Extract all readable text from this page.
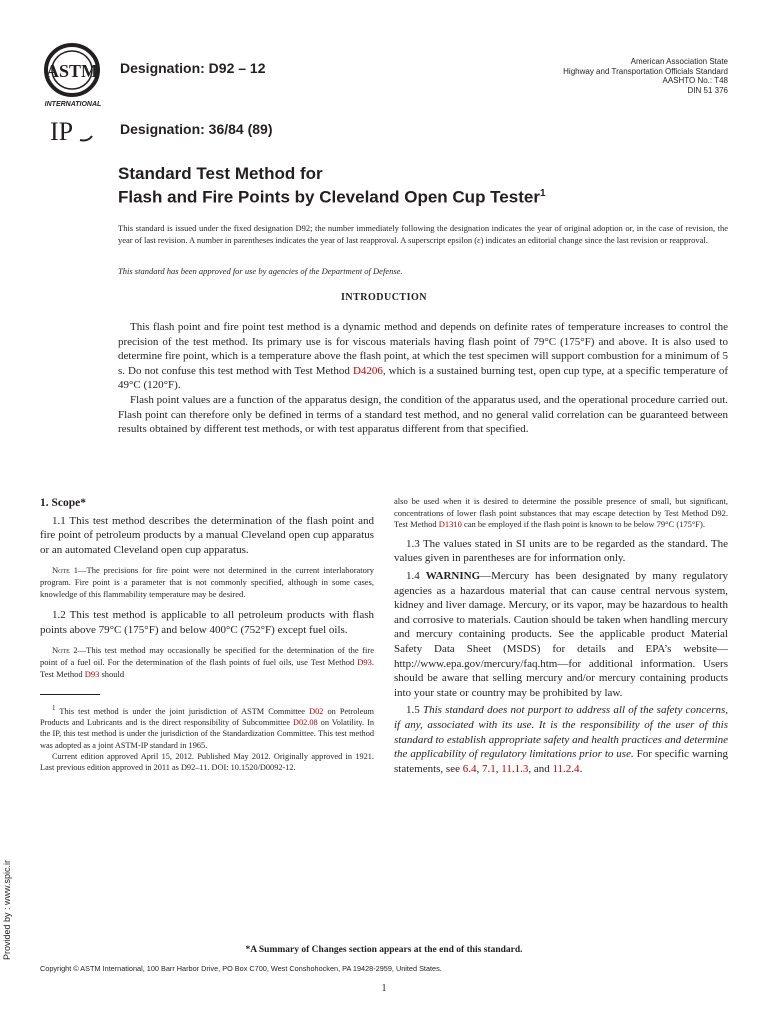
ASTM
INTERNATIONAL
IP
Designation: D92 – 12
Designation: 36/84 (89)
American Association State
Highway and Transportation Officials Standard
AASHTO No.: T48
DIN 51 376
Standard Test Method for
Flash and Fire Points by Cleveland Open Cup Tester$^1$
This standard is issued under the fixed designation D92; the number immediately following the designation indicates the year of original adoption or, in the case of revision, the year of last revision. A number in parentheses indicates the year of last reapproval. A superscript epsilon (ε) indicates an editorial change since the last revision or reapproval.
This standard has been approved for use by agencies of the Department of Defense.
INTRODUCTION

This flash point and fire point test method is a dynamic method and depends on definite rates of temperature increases to control the precision of the test method. Its primary use is for viscous materials having flash point of 79°C (175°F) and above. It is also used to determine fire point, which is a temperature above the flash point, at which the test specimen will support combustion for a minimum of 5 s. Do not confuse this test method with Test Method D4206, which is a sustained burning test, open cup type, at a specific temperature of 49°C (120°F).

Flash point values are a function of the apparatus design, the condition of the apparatus used, and the operational procedure carried out. Flash point can therefore only be defined in terms of a standard test method, and no general valid correlation can be guaranteed between results obtained by different test methods, or with test apparatus different from that specified.

1. Scope*

1.1 This test method describes the determination of the flash point and fire point of petroleum products by a manual Cleveland open cup apparatus or an automated Cleveland open cup apparatus.

Note 1—The precisions for fire point were not determined in the current interlaboratory program. Fire point is a parameter that is not commonly specified, although in some cases, knowledge of this flammability temperature may be desired.

1.2 This test method is applicable to all petroleum products with flash points above 79°C (175°F) and below 400°C (752°F) except fuel oils.

Note 2—This test method may occasionally be specified for the determination of the fire point of a fuel oil. For the determination of the flash points of fuel oils, use Test Method D93. Test Method D93 should

$^1$ This test method is under the joint jurisdiction of ASTM Committee D02 on Petroleum Products and Lubricants and is the direct responsibility of Subcommittee D02.08 on Volatility. In the IP, this test method is under the jurisdiction of the Standardization Committee. This test method was adopted as a joint ASTM-IP standard in 1965.

Current edition approved April 15, 2012. Published May 2012. Originally approved in 1921. Last previous edition approved in 2011 as D92–11. DOI: 10.1520/D0092-12.

also be used when it is desired to determine the possible presence of small, but significant, concentrations of lower flash point substances that may escape detection by Test Method D92. Test Method D1310 can be employed if the flash point is known to be below 79°C (175°F).

1.3 The values stated in SI units are to be regarded as the standard. The values given in parentheses are for information only.

1.4 WARNING—Mercury has been designated by many regulatory agencies as a hazardous material that can cause central nervous system, kidney and liver damage. Mercury, or its vapor, may be hazardous to health and corrosive to materials. Caution should be taken when handling mercury and mercury containing products. See the applicable product Material Safety Data Sheet (MSDS) for details and EPA’s website—http://www.epa.gov/mercury/faq.htm—for additional information. Users should be aware that selling mercury and/or mercury containing products into your state or country may be prohibited by law.

1.5 This standard does not purport to address all of the safety concerns, if any, associated with its use. It is the responsibility of the user of this standard to establish appropriate safety and health practices and determine the applicability of regulatory limitations prior to use. For specific warning statements, see 6.4, 7.1, 11.1.3, and 11.2.4.

*A Summary of Changes section appears at the end of this standard.
Copyright © ASTM International, 100 Barr Harbor Drive, PO Box C700, West Conshohocken, PA 19428-2959, United States.
1
Provided by : www.spic.ir
